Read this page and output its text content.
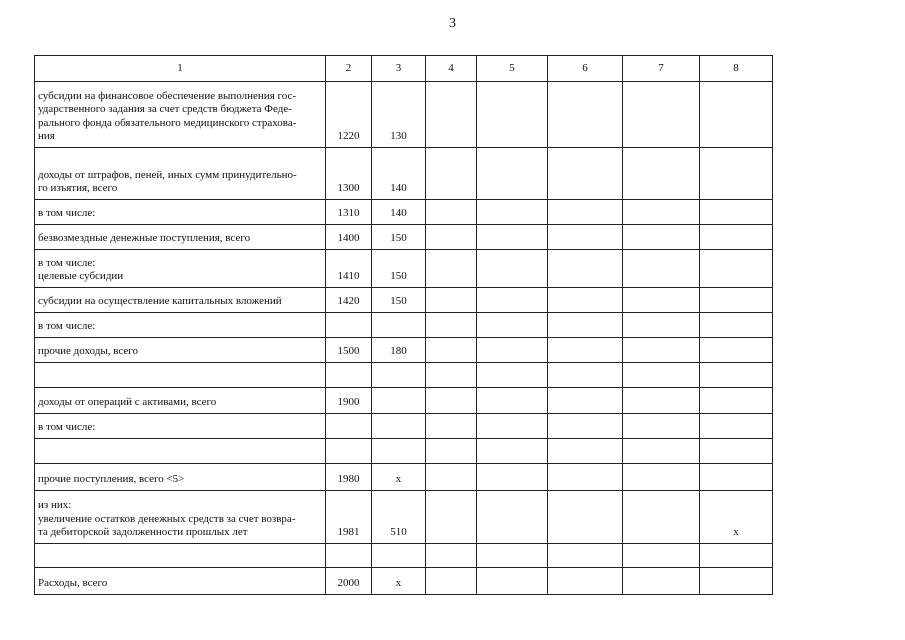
3
1	2	3	4	5	6	7	8

субсидии на финансовое обеспечение выполнения гос-
ударственного задания за счет средств бюджета Феде-
рального фонда обязательного медицинского страхова-
ния	1220	130					

доходы от штрафов, пеней, иных сумм принудительно-
го изъятия, всего	1300	140					

в том числе:	1310	140					

безвозмездные денежные поступления, всего	1400	150					

в том числе:
целевые субсидии	1410	150					

субсидии на осуществление капитальных вложений	1420	150					

в том числе:							

прочие доходы, всего	1500	180					

доходы от операций с активами, всего	1900						

в том числе:							

прочие поступления, всего <5>	1980	х					

из них:
увеличение остатков денежных средств за счет возвра-
та дебиторской задолженности прошлых лет	1981	510					х

Расходы, всего	2000	х					
